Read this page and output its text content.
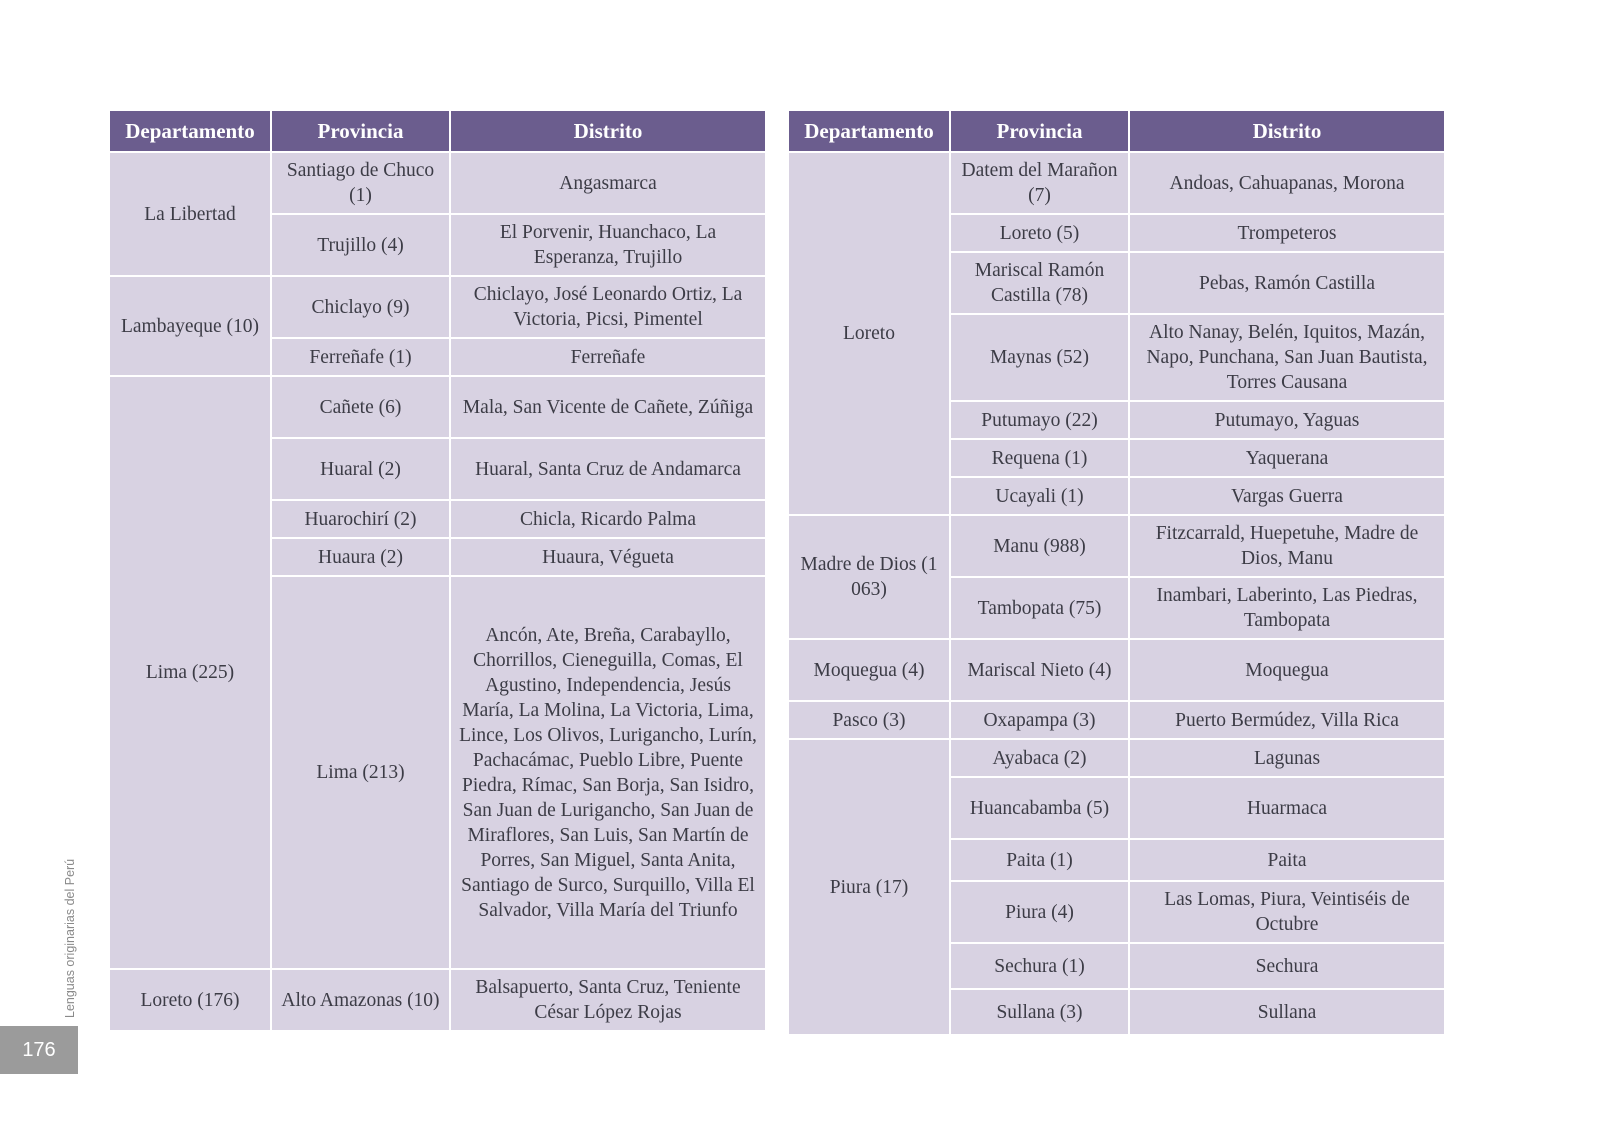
Departamento	Provincia	Distrito
La Libertad	Santiago de Chuco (1)	Angasmarca
	Trujillo (4)	El Porvenir, Huanchaco, La Esperanza, Trujillo
Lambayeque (10)	Chiclayo (9)	Chiclayo, José Leonardo Ortiz, La Victoria, Picsi, Pimentel
	Ferreñafe (1)	Ferreñafe
Lima (225)	Cañete (6)	Mala, San Vicente de Cañete, Zúñiga
	Huaral (2)	Huaral, Santa Cruz de Andamarca
	Huarochirí (2)	Chicla, Ricardo Palma
	Huaura (2)	Huaura, Végueta
	Lima (213)	Ancón, Ate, Breña, Carabayllo, Chorrillos, Cieneguilla, Comas, El Agustino, Independencia, Jesús María, La Molina, La Victoria, Lima, Lince, Los Olivos, Lurigancho, Lurín, Pachacámac, Pueblo Libre, Puente Piedra, Rímac, San Borja, San Isidro, San Juan de Lurigancho, San Juan de Miraflores, San Luis, San Martín de Porres, San Miguel, Santa Anita, Santiago de Surco, Surquillo, Villa El Salvador, Villa María del Triunfo
Loreto (176)	Alto Amazonas (10)	Balsapuerto, Santa Cruz, Teniente César López Rojas
Departamento	Provincia	Distrito
Loreto	Datem del Marañon (7)	Andoas, Cahuapanas, Morona
	Loreto (5)	Trompeteros
	Mariscal Ramón Castilla (78)	Pebas, Ramón Castilla
	Maynas (52)	Alto Nanay, Belén, Iquitos, Mazán, Napo, Punchana, San Juan Bautista, Torres Causana
	Putumayo (22)	Putumayo, Yaguas
	Requena (1)	Yaquerana
	Ucayali (1)	Vargas Guerra
Madre de Dios (1 063)	Manu (988)	Fitzcarrald, Huepetuhe, Madre de Dios, Manu
	Tambopata (75)	Inambari, Laberinto, Las Piedras, Tambopata
Moquegua (4)	Mariscal Nieto (4)	Moquegua
Pasco (3)	Oxapampa (3)	Puerto Bermúdez, Villa Rica
Piura (17)	Ayabaca (2)	Lagunas
	Huancabamba (5)	Huarmaca
	Paita (1)	Paita
	Piura (4)	Las Lomas, Piura, Veintiséis de Octubre
	Sechura (1)	Sechura
	Sullana (3)	Sullana
Lenguas originarias del Perú
176
